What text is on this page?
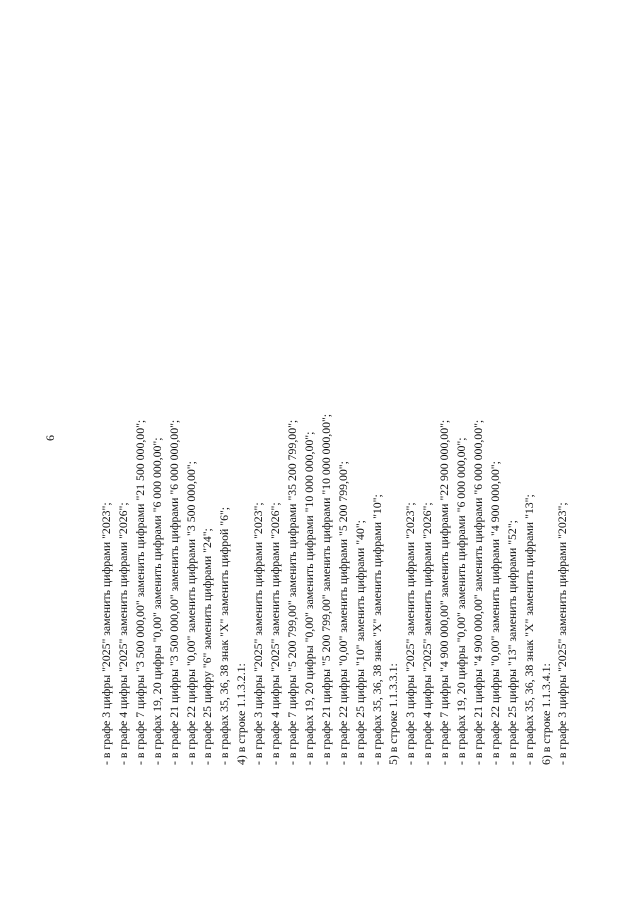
6
- в графе 3 цифры "2025" заменить цифрами "2023"; - в графе 4 цифры "2025" заменить цифрами "2026"; - в графе 7 цифры "3 500 000,00" заменить цифрами "21 500 000,00"; - в графах 19, 20 цифры "0,00" заменить цифрами "6 000 000,00"; - в графе 21 цифры "3 500 000,00" заменить цифрами "6 000 000,00"; - в графе 22 цифры "0,00" заменить цифрами "3 500 000,00"; - в графе 25 цифру "6" заменить цифрами "24"; - в графах 35, 36, 38 знак "X" заменить цифрой "6"; 4) в строке 1.1.3.2.1: - в графе 3 цифры "2025" заменить цифрами "2023"; - в графе 4 цифры "2025" заменить цифрами "2026"; - в графе 7 цифры "5 200 799,00" заменить цифрами "35 200 799,00"; - в графах 19, 20 цифры "0,00" заменить цифрами "10 000 000,00"; - в графе 21 цифры "5 200 799,00" заменить цифрами "10 000 000,00"; - в графе 22 цифры "0,00" заменить цифрами "5 200 799,00"; - в графе 25 цифры "10" заменить цифрами "40"; - в графах 35, 36, 38 знак "X" заменить цифрами "10"; 5) в строке 1.1.3.3.1: - в графе 3 цифры "2025" заменить цифрами "2023"; - в графе 4 цифры "2025" заменить цифрами "2026"; - в графе 7 цифры "4 900 000,00" заменить цифрами "22 900 000,00"; - в графах 19, 20 цифры "0,00" заменить цифрами "6 000 000,00"; - в графе 21 цифры "4 900 000,00" заменить цифрами "6 000 000,00"; - в графе 22 цифры "0,00" заменить цифрами "4 900 000,00"; - в графе 25 цифры "13" заменить цифрами "52"; - в графах 35, 36, 38 знак "X" заменить цифрами "13"; 6) в строке 1.1.3.4.1: - в графе 3 цифры "2025" заменить цифрами "2023";
